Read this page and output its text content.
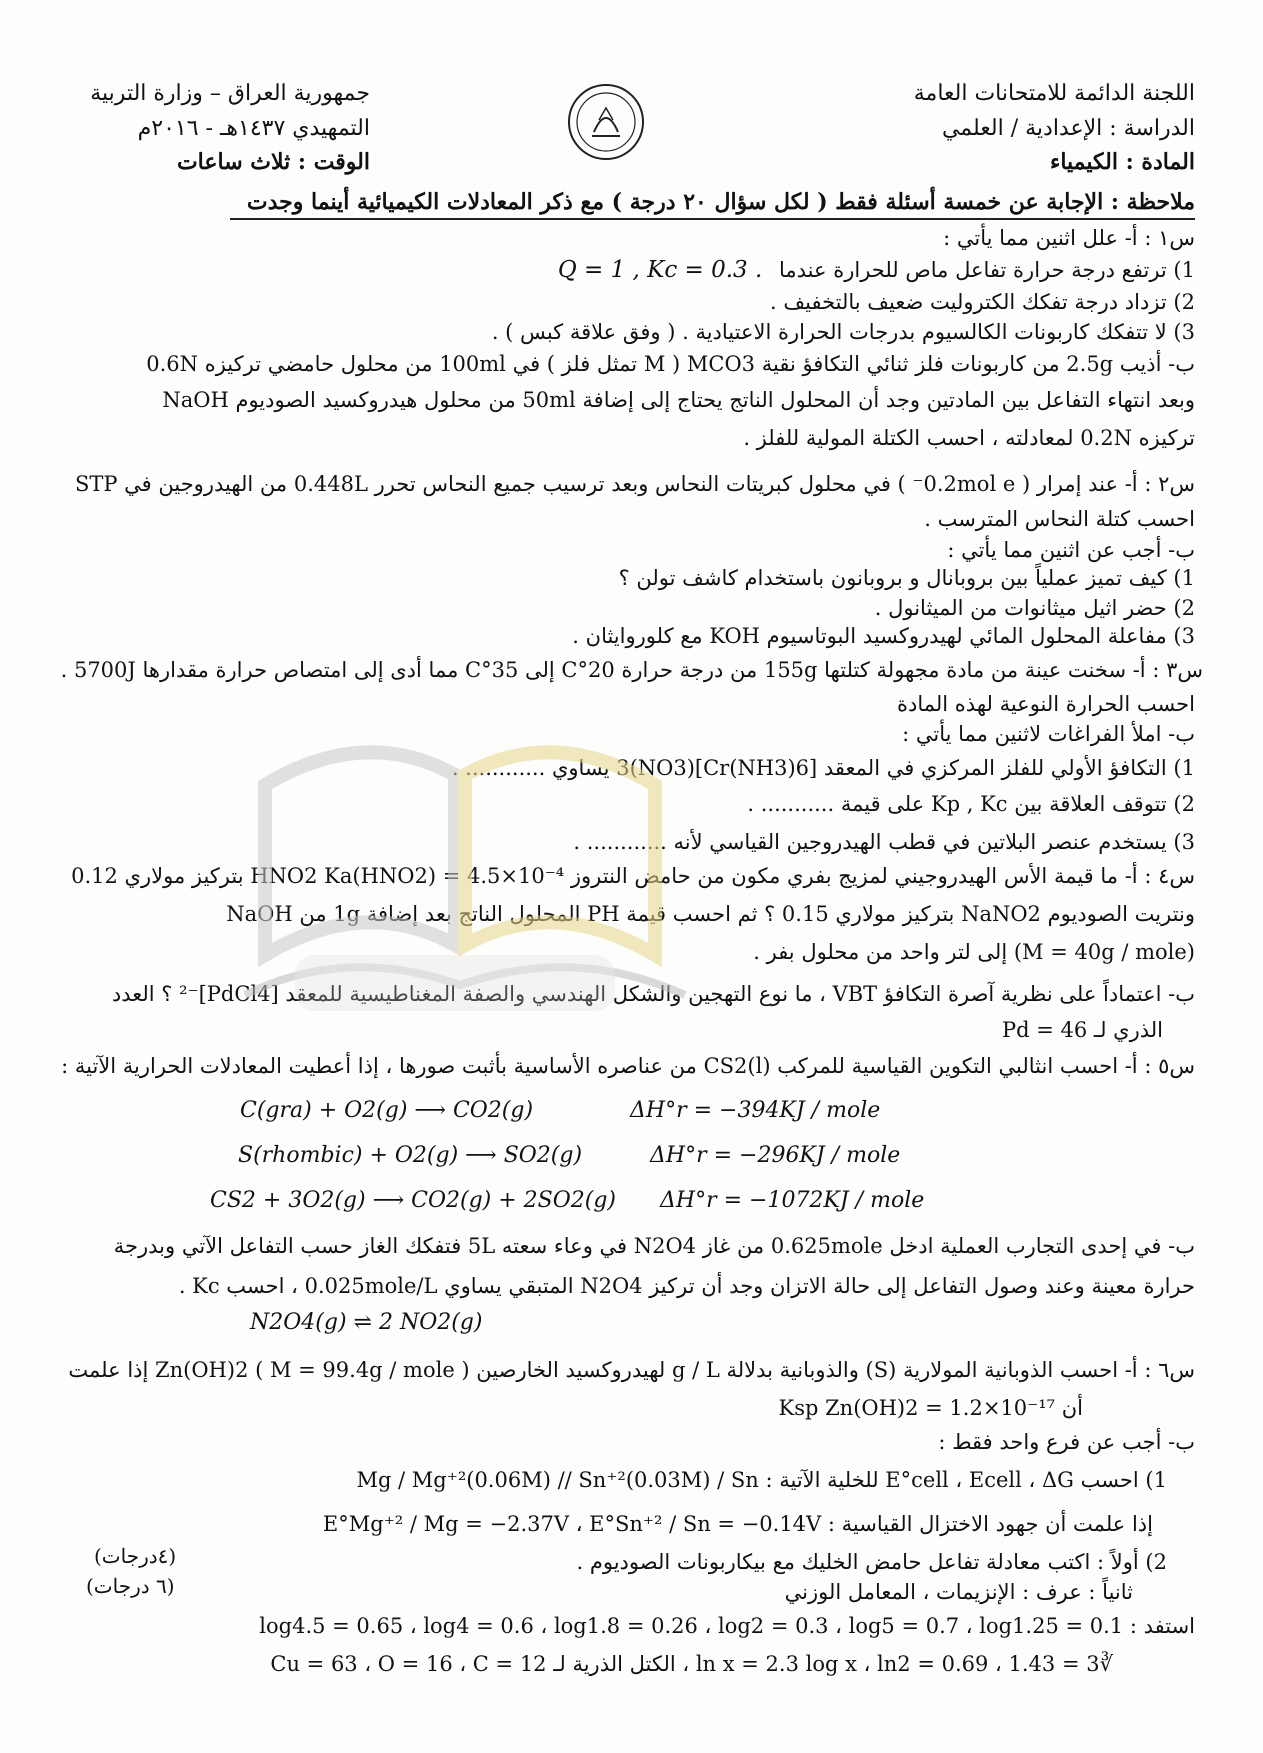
اللجنة الدائمة للامتحانات العامة
الدراسة : الإعدادية / العلمي
المادة : الكيمياء
جمهورية العراق – وزارة التربية
التمهيدي ١٤٣٧هـ - ٢٠١٦م
الوقت : ثلاث ساعات
ملاحظة : الإجابة عن خمسة أسئلة فقط ( لكل سؤال ٢٠ درجة ) مع ذكر المعادلات الكيميائية أينما وجدت
س١ : أ- علل اثنين مما يأتي :
1) ترتفع درجة حرارة تفاعل ماص للحرارة عندما Q = 1 , Kc = 0.3 .
2) تزداد درجة تفكك الكتروليت ضعيف بالتخفيف .
3) لا تتفكك كاربونات الكالسيوم بدرجات الحرارة الاعتيادية . ( وفق علاقة كبس ) .
ب- أذيب 2.5g من كاربونات فلز ثنائي التكافؤ نقية MCO3 ( M تمثل فلز ) في 100ml من محلول حامضي تركيزه 0.6N
وبعد انتهاء التفاعل بين المادتين وجد أن المحلول الناتج يحتاج إلى إضافة 50ml من محلول هيدروكسيد الصوديوم NaOH
تركيزه 0.2N لمعادلته ، احسب الكتلة المولية للفلز .
س٢ : أ- عند إمرار ( 0.2mol e⁻ ) في محلول كبريتات النحاس وبعد ترسيب جميع النحاس تحرر 0.448L من الهيدروجين في STP
احسب كتلة النحاس المترسب .
ب- أجب عن اثنين مما يأتي :
1) كيف تميز عملياً بين بروبانال و بروبانون باستخدام كاشف تولن ؟
2) حضر اثيل ميثانوات من الميثانول .
3) مفاعلة المحلول المائي لهيدروكسيد البوتاسيوم KOH مع كلوروايثان .
س٣ : أ- سخنت عينة من مادة مجهولة كتلتها 155g من درجة حرارة 20°C إلى 35°C مما أدى إلى امتصاص حرارة مقدارها 5700J .
احسب الحرارة النوعية لهذه المادة
ب- املأ الفراغات لاثنين مما يأتي :
1) التكافؤ الأولي للفلز المركزي في المعقد [Cr(NH3)6](NO3)3 يساوي ............ .
2) تتوقف العلاقة بين Kp , Kc على قيمة ........... .
3) يستخدم عنصر البلاتين في قطب الهيدروجين القياسي لأنه ............ .
س٤ : أ- ما قيمة الأس الهيدروجيني لمزيج بفري مكون من حامض النتروز HNO2 Ka(HNO2) = 4.5×10⁻⁴ بتركيز مولاري 0.12
ونتريت الصوديوم NaNO2 بتركيز مولاري 0.15 ؟ ثم احسب قيمة PH المحلول الناتج بعد إضافة 1g من NaOH
(M = 40g / mole) إلى لتر واحد من محلول بفر .
ب- اعتماداً على نظرية آصرة التكافؤ VBT ، ما نوع التهجين والشكل الهندسي والصفة المغناطيسية للمعقد [PdCl4]⁻² ؟ العدد
الذري لـ Pd = 46
س٥ : أ- احسب انثالبي التكوين القياسية للمركب CS2(l) من عناصره الأساسية بأثبت صورها ، إذا أعطيت المعادلات الحرارية الآتية :
C(gra) + O2(g) ⟶ CO2(g)	ΔH°r = −394KJ / mole
S(rhombic) + O2(g) ⟶ SO2(g)	ΔH°r = −296KJ / mole
CS2 + 3O2(g) ⟶ CO2(g) + 2SO2(g) ΔH°r = −1072KJ / mole
ب- في إحدى التجارب العملية ادخل 0.625mole من غاز N2O4 في وعاء سعته 5L فتفكك الغاز حسب التفاعل الآتي وبدرجة
حرارة معينة وعند وصول التفاعل إلى حالة الاتزان وجد أن تركيز N2O4 المتبقي يساوي 0.025mole/L ، احسب Kc .
N2O4(g) ⇌ 2 NO2(g)
س٦ : أ- احسب الذوبانية المولارية (S) والذوبانية بدلالة g / L لهيدروكسيد الخارصين Zn(OH)2 ( M = 99.4g / mole ) إذا علمت
أن Ksp Zn(OH)2 = 1.2×10⁻¹⁷
ب- أجب عن فرع واحد فقط :
1) احسب E°cell ، Ecell ، ΔG للخلية الآتية : Mg / Mg⁺²(0.06M) // Sn⁺²(0.03M) / Sn
إذا علمت أن جهود الاختزال القياسية : E°Mg⁺² / Mg = −2.37V ، E°Sn⁺² / Sn = −0.14V
2) أولاً : اكتب معادلة تفاعل حامض الخليك مع بيكاربونات الصوديوم .
ثانياً : عرف : الإنزيمات ، المعامل الوزني
(٤درجات)
(٦ درجات)
استفد : log4.5 = 0.65 ، log4 = 0.6 ، log1.8 = 0.26 ، log2 = 0.3 ، log5 = 0.7 ، log1.25 = 0.1
∛3 = 1.43 ، ln x = 2.3 log x ، ln2 = 0.69 ، الكتل الذرية لـ Cu = 63 ، O = 16 ، C = 12
